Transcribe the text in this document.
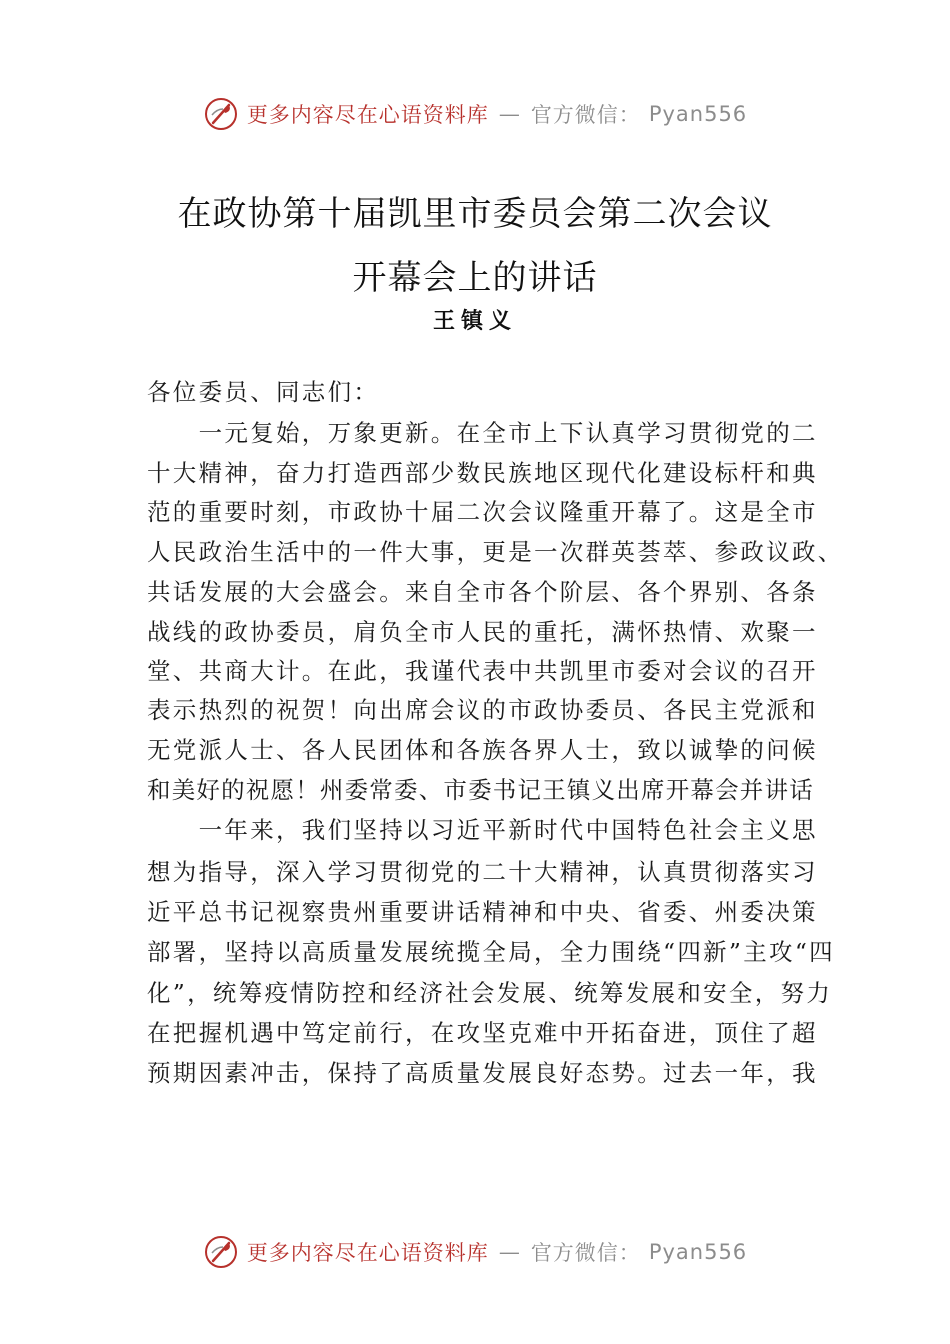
更多内容尽在心语资料库 — 官方微信： Pyan556
在政协第十届凯里市委员会第二次会议
开幕会上的讲话
王镇义
各位委员、同志们：
　　一元复始，万象更新。在全市上下认真学习贯彻党的二
十大精神，奋力打造西部少数民族地区现代化建设标杆和典
范的重要时刻，市政协十届二次会议隆重开幕了。这是全市
人民政治生活中的一件大事，更是一次群英荟萃、参政议政、
共话发展的大会盛会。来自全市各个阶层、各个界别、各条
战线的政协委员，肩负全市人民的重托，满怀热情、欢聚一
堂、共商大计。在此，我谨代表中共凯里市委对会议的召开
表示热烈的祝贺！向出席会议的市政协委员、各民主党派和
无党派人士、各人民团体和各族各界人士，致以诚挚的问候
和美好的祝愿！州委常委、市委书记王镇义出席开幕会并讲话
　　一年来，我们坚持以习近平新时代中国特色社会主义思
想为指导，深入学习贯彻党的二十大精神，认真贯彻落实习
近平总书记视察贵州重要讲话精神和中央、省委、州委决策
部署，坚持以高质量发展统揽全局，全力围绕“四新”主攻“四
化”，统筹疫情防控和经济社会发展、统筹发展和安全，努力
在把握机遇中笃定前行，在攻坚克难中开拓奋进，顶住了超
预期因素冲击，保持了高质量发展良好态势。过去一年，我
更多内容尽在心语资料库 — 官方微信： Pyan556
